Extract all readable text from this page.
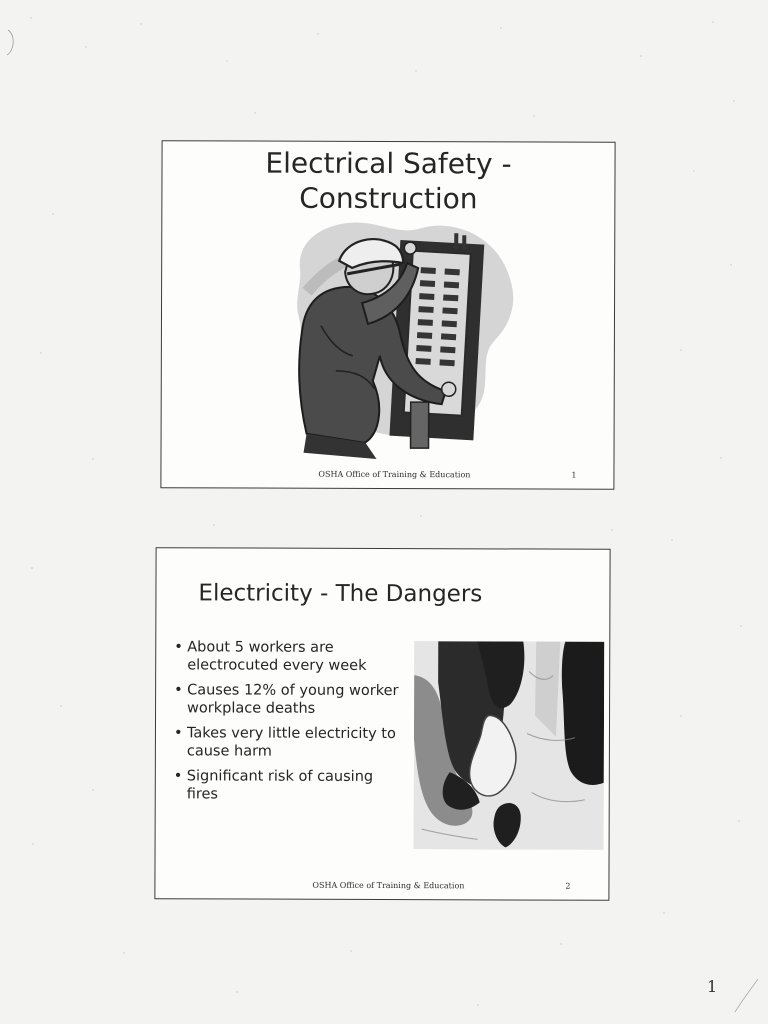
Electrical Safety -
Construction
OSHA Office of Training & Education	1
Electricity - The Dangers
• About 5 workers are
electrocuted every week
• Causes 12% of young worker
workplace deaths
• Takes very little electricity to
cause harm
• Significant risk of causing
fires
OSHA Office of Training & Education	2
1
